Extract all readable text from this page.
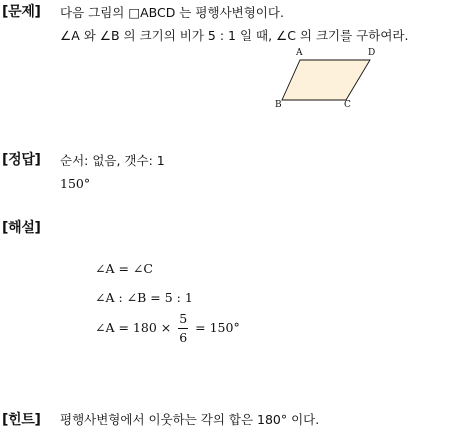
[문제] 다음 그림의 □ABCD 는 평행사변형이다.
∠A 와 ∠B 의 크기의 비가 5 : 1 일 때, ∠C 의 크기를 구하여라.
A	D
B	C
[정답] 순서: 없음, 갯수: 1
150°
[해설]
∠A = ∠C
∠A : ∠B = 5 : 1
∠A = $180 \times \frac{5}{6} = 150^\circ$
[힌트] 평행사변형에서 이웃하는 각의 합은 180° 이다.
